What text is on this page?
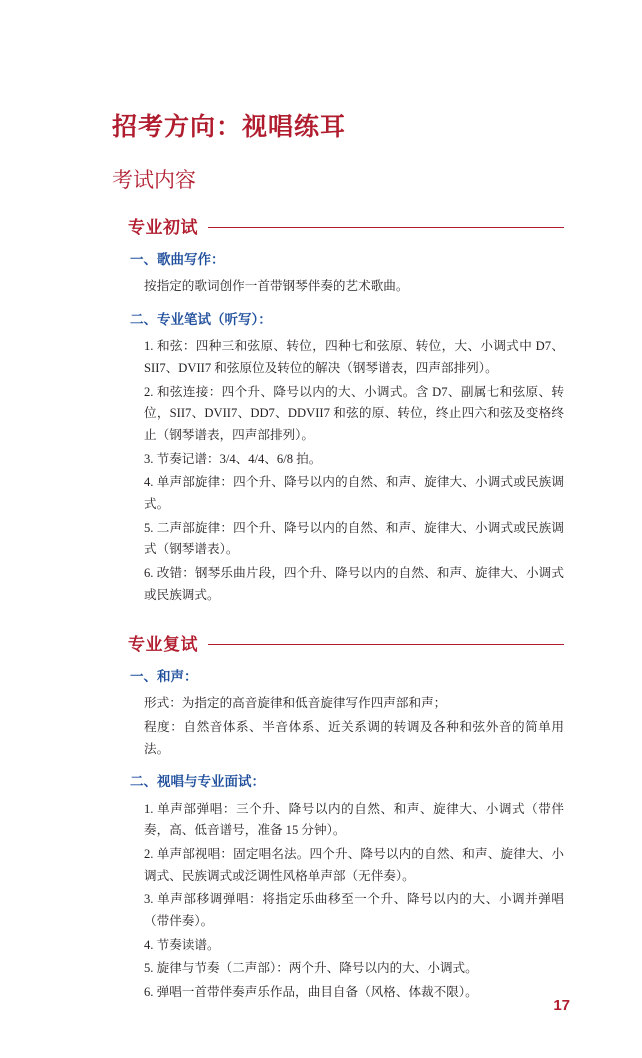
招考方向：视唱练耳
考试内容
专业初试
一、歌曲写作：

按指定的歌词创作一首带钢琴伴奏的艺术歌曲。

二、专业笔试（听写）：

1. 和弦：四种三和弦原、转位，四种七和弦原、转位，大、小调式中 D7、SII7、DVII7 和弦原位及转位的解决（钢琴谱表，四声部排列）。

2. 和弦连接：四个升、降号以内的大、小调式。含 D7、副属七和弦原、转位，SII7、DVII7、DD7、DDVII7 和弦的原、转位，终止四六和弦及变格终止（钢琴谱表，四声部排列）。

3. 节奏记谱：3/4、4/4、6/8 拍。

4. 单声部旋律：四个升、降号以内的自然、和声、旋律大、小调式或民族调式。

5. 二声部旋律：四个升、降号以内的自然、和声、旋律大、小调式或民族调式（钢琴谱表）。

6. 改错：钢琴乐曲片段，四个升、降号以内的自然、和声、旋律大、小调式或民族调式。

专业复试
一、和声：

形式：为指定的高音旋律和低音旋律写作四声部和声；

程度：自然音体系、半音体系、近关系调的转调及各种和弦外音的简单用法。

二、视唱与专业面试：

1. 单声部弹唱：三个升、降号以内的自然、和声、旋律大、小调式（带伴奏，高、低音谱号，准备 15 分钟）。

2. 单声部视唱：固定唱名法。四个升、降号以内的自然、和声、旋律大、小调式、民族调式或泛调性风格单声部（无伴奏）。

3. 单声部移调弹唱：将指定乐曲移至一个升、降号以内的大、小调并弹唱（带伴奏）。

4. 节奏读谱。

5. 旋律与节奏（二声部）：两个升、降号以内的大、小调式。

6. 弹唱一首带伴奏声乐作品，曲目自备（风格、体裁不限）。

17
